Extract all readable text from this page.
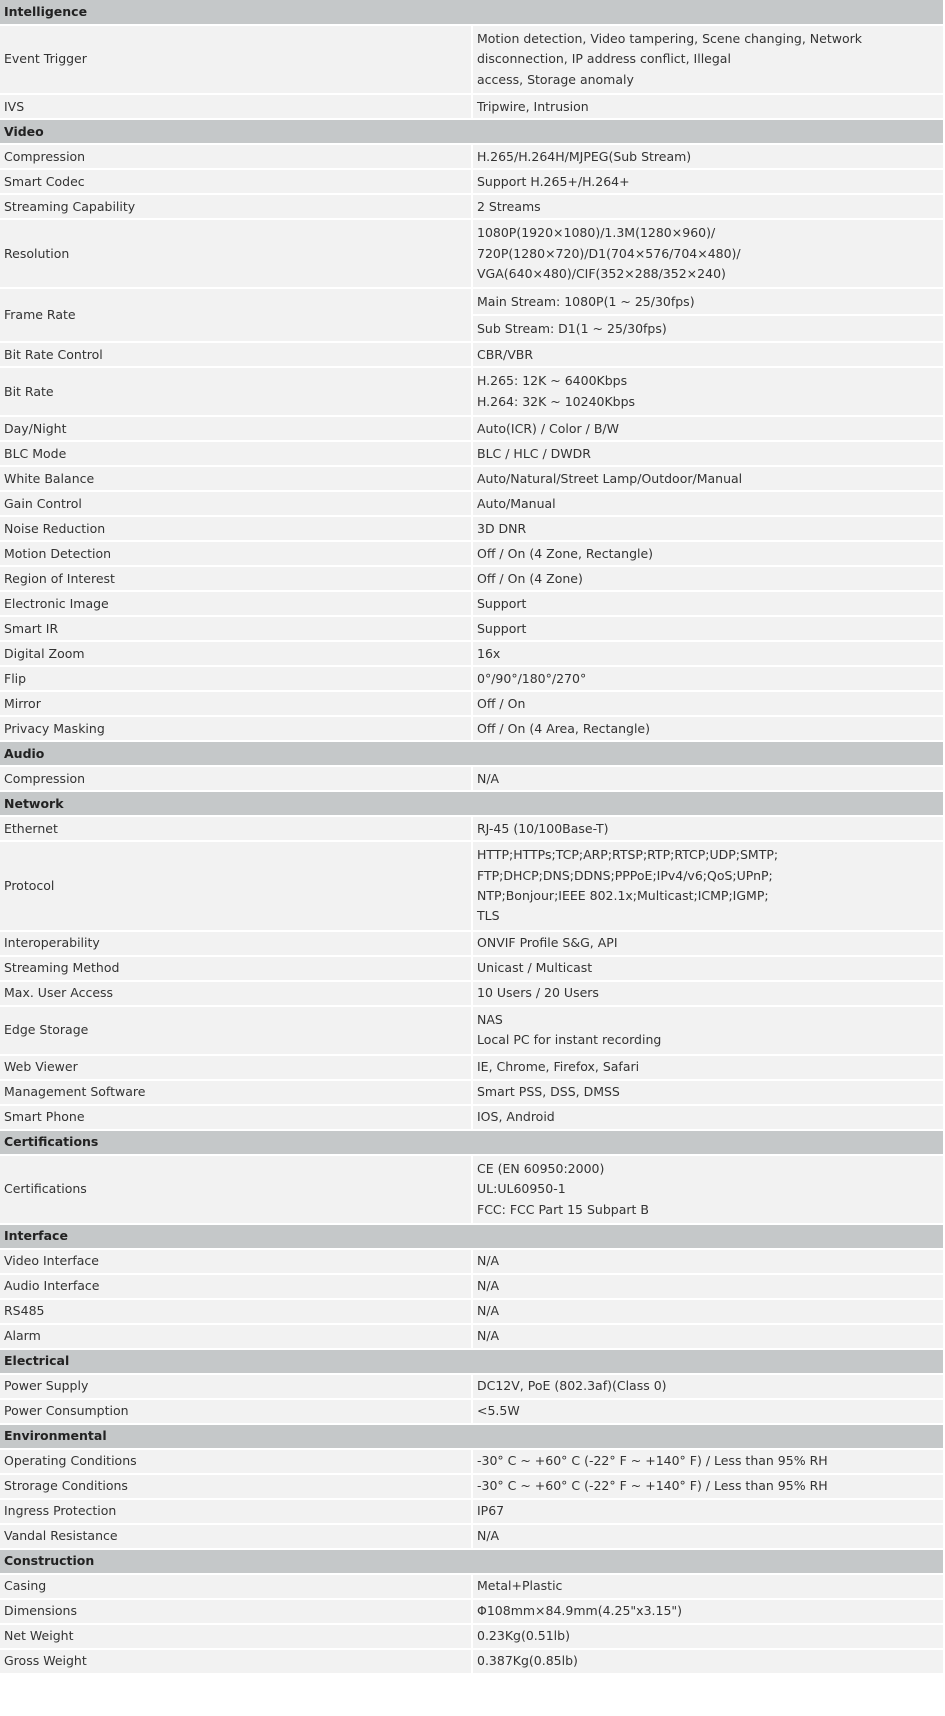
Intelligence	
Event Trigger	Motion detection, Video tampering, Scene changing, Network disconnection, IP address conflict, Illegal
access, Storage anomaly

IVS	Tripwire, Intrusion

Video	
Compression	H.265/H.264H/MJPEG(Sub Stream)

Smart Codec	Support H.265+/H.264+

Streaming Capability	2 Streams

Resolution	1080P(1920×1080)/1.3M(1280×960)/
720P(1280×720)/D1(704×576/704×480)/ VGA(640×480)/CIF(352×288/352×240)

Frame Rate	Main Stream: 1080P(1 ~ 25/30fps)
Sub Stream: D1(1 ~ 25/30fps)

Bit Rate Control	CBR/VBR

Bit Rate	H.265: 12K ~ 6400Kbps
H.264: 32K ~ 10240Kbps

Day/Night	Auto(ICR) / Color / B/W

BLC Mode	BLC / HLC / DWDR

White Balance	Auto/Natural/Street Lamp/Outdoor/Manual

Gain Control	Auto/Manual

Noise Reduction	3D DNR

Motion Detection	Off / On (4 Zone, Rectangle)

Region of Interest	Off / On (4 Zone)

Electronic Image	Support

Smart IR	Support

Digital Zoom	16x

Flip	0°/90°/180°/270°

Mirror	Off / On

Privacy Masking	Off / On (4 Area, Rectangle)

Audio	
Compression	N/A

Network	
Ethernet	RJ-45 (10/100Base-T)

Protocol	HTTP;HTTPs;TCP;ARP;RTSP;RTP;RTCP;UDP;SMTP;
FTP;DHCP;DNS;DDNS;PPPoE;IPv4/v6;QoS;UPnP;
NTP;Bonjour;IEEE 802.1x;Multicast;ICMP;IGMP;
TLS

Interoperability	ONVIF Profile S&G, API

Streaming Method	Unicast / Multicast

Max. User Access	10 Users / 20 Users

Edge Storage	NAS
Local PC for instant recording

Web Viewer	IE, Chrome, Firefox, Safari

Management Software	Smart PSS, DSS, DMSS

Smart Phone	IOS, Android

Certifications	
Certifications	CE (EN 60950:2000)
UL:UL60950-1
FCC: FCC Part 15 Subpart B

Interface	
Video Interface	N/A

Audio Interface	N/A

RS485	N/A

Alarm	N/A

Electrical	
Power Supply	DC12V, PoE (802.3af)(Class 0)

Power Consumption	<5.5W

Environmental	
Operating Conditions	-30° C ~ +60° C (-22° F ~ +140° F) / Less than 95% RH

Strorage Conditions	-30° C ~ +60° C (-22° F ~ +140° F) / Less than 95% RH

Ingress Protection	IP67

Vandal Resistance	N/A

Construction	
Casing	Metal+Plastic

Dimensions	Φ108mm×84.9mm(4.25"x3.15")

Net Weight	0.23Kg(0.51lb)

Gross Weight	0.387Kg(0.85lb)
